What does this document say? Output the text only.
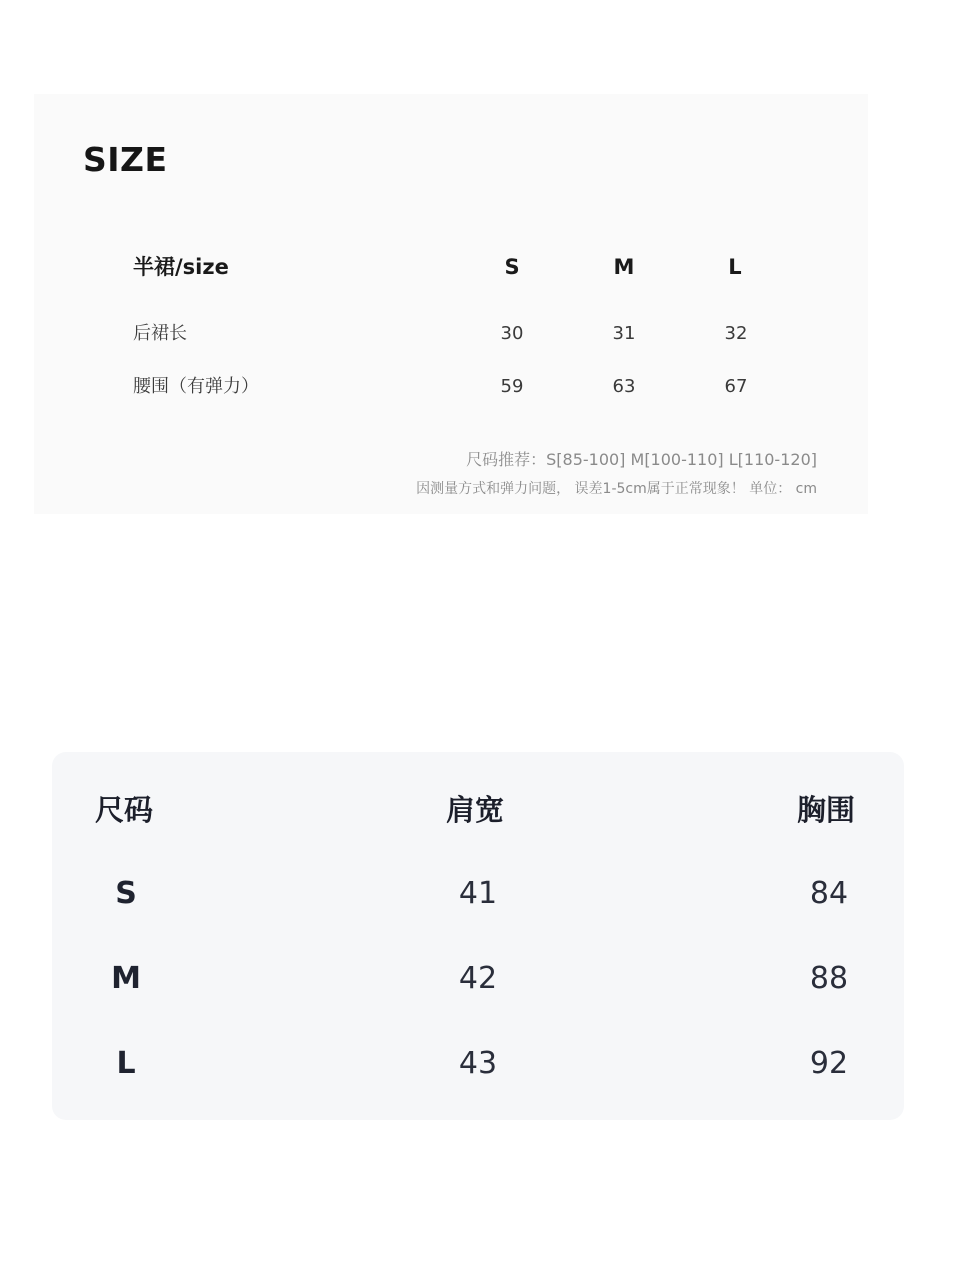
SIZE
半裙/size	S	M	L
后裙长	30	31	32
腰围（有弹力）	59	63	67
尺码推荐：S[85-100] M[100-110] L[110-120]
因测量方式和弹力问题， 误差1-5cm属于正常现象！ 单位： cm
尺码	肩宽	胸围
S	41	84
M	42	88
L	43	92
